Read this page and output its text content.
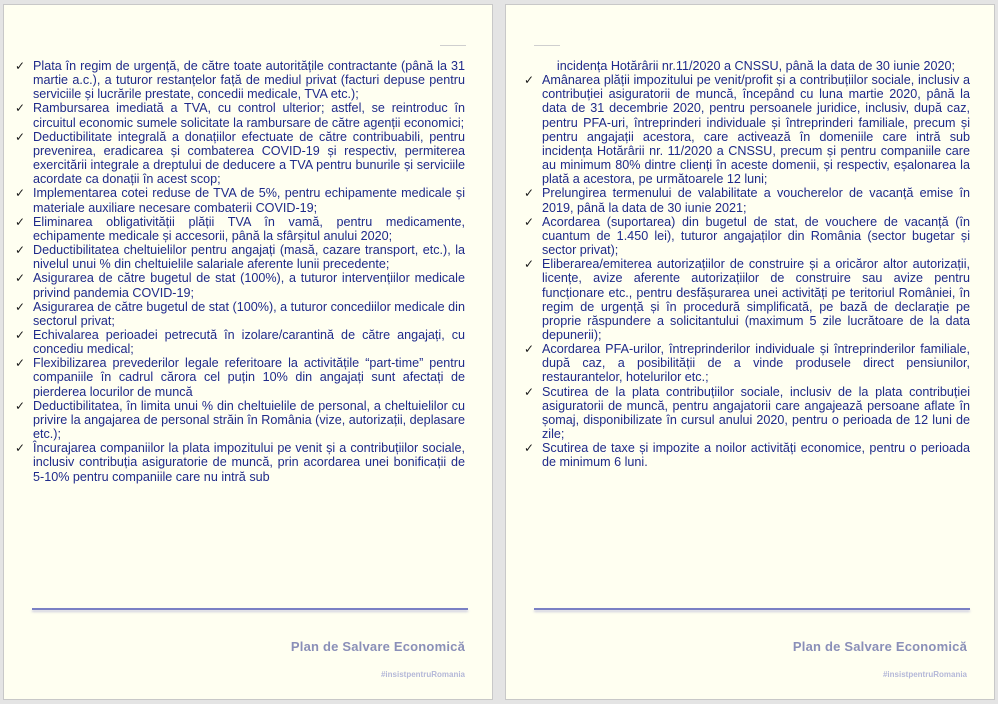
✓ Plata în regim de urgență, de către toate autoritățile contractante (până la 31 martie a.c.), a tuturor restanțelor față de mediul privat (facturi depuse pentru serviciile și lucrările prestate, concedii medicale, TVA etc.);
✓ Rambursarea imediată a TVA, cu control ulterior; astfel, se reintroduc în circuitul economic sumele solicitate la rambursare de către agenții economici;
✓ Deductibilitate integrală a donațiilor efectuate de către contribuabili, pentru prevenirea, eradicarea și combaterea COVID-19 și respectiv, permiterea exercitării integrale a dreptului de deducere a TVA pentru bunurile și serviciile acordate ca donații în acest scop;
✓ Implementarea cotei reduse de TVA de 5%, pentru echipamente medicale și materiale auxiliare necesare combaterii COVID-19;
✓ Eliminarea obligativității plății TVA în vamă, pentru medicamente, echipamente medicale și accesorii, până la sfârșitul anului 2020;
✓ Deductibilitatea cheltuielilor pentru angajați (masă, cazare transport, etc.), la nivelul unui % din cheltuielile salariale aferente lunii precedente;
✓ Asigurarea de către bugetul de stat (100%), a tuturor intervențiilor medicale privind pandemia COVID-19;
✓ Asigurarea de către bugetul de stat (100%), a tuturor concediilor medicale din sectorul privat;
✓ Echivalarea perioadei petrecută în izolare/carantină de către angajați, cu concediu medical;
✓ Flexibilizarea prevederilor legale referitoare la activitățile “part-time” pentru companiile în cadrul cărora cel puțin 10% din angajați sunt afectați de pierderea locurilor de muncă
✓ Deductibilitatea, în limita unui % din cheltuielile de personal, a cheltuielilor cu privire la angajarea de personal străin în România (vize, autorizații, deplasare etc.);
✓ Încurajarea companiilor la plata impozitului pe venit și a contribuțiilor sociale, inclusiv contribuția asiguratorie de muncă, prin acordarea unei bonificații de 5-10% pentru companiile care nu intră sub
Plan de Salvare Economică
#insistpentruRomania
incidența Hotărârii nr.11/2020 a CNSSU, până la data de 30 iunie 2020;
✓ Amânarea plății impozitului pe venit/profit și a contribuțiilor sociale, inclusiv a contribuției asiguratorii de muncă, începând cu luna martie 2020, până la data de 31 decembrie 2020, pentru persoanele juridice, inclusiv, după caz, pentru PFA-uri, întreprinderi individuale și întreprinderi familiale, precum și pentru angajații acestora, care activează în domeniile care intră sub incidența Hotărârii nr. 11/2020 a CNSSU, precum și pentru companiile care au minimum 80% dintre clienți în aceste domenii, și respectiv, eșalonarea la plată a acestora, pe următoarele 12 luni;
✓ Prelungirea termenului de valabilitate a voucherelor de vacanță emise în 2019, până la data de 30 iunie 2021;
✓ Acordarea (suportarea) din bugetul de stat, de vouchere de vacanță (în cuantum de 1.450 lei), tuturor angajaților din România (sector bugetar și sector privat);
✓ Eliberarea/emiterea autorizațiilor de construire și a oricăror altor autorizații, licențe, avize aferente autorizațiilor de construire sau avize pentru funcționare etc., pentru desfășurarea unei activități pe teritoriul României, în regim de urgență și în procedură simplificată, pe bază de declarație pe proprie răspundere a solicitantului (maximum 5 zile lucrătoare de la data depunerii);
✓ Acordarea PFA-urilor, întreprinderilor individuale și întreprinderilor familiale, după caz, a posibilității de a vinde produsele direct pensiunilor, restaurantelor, hotelurilor etc.;
✓ Scutirea de la plata contribuțiilor sociale, inclusiv de la plata contribuției asiguratorii de muncă, pentru angajatorii care angajează persoane aflate în șomaj, disponibilizate în cursul anului 2020, pentru o perioada de 12 luni de zile;
✓ Scutirea de taxe și impozite a noilor activități economice, pentru o perioada de minimum 6 luni.
Plan de Salvare Economică
#insistpentruRomania
